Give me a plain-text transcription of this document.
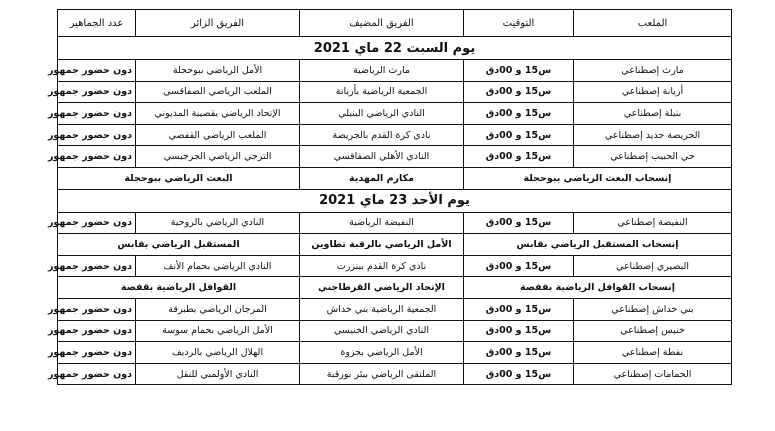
الملعب	التوقيت	الفريق المضيف	الفريق الزائر	عدد الجماهير
يوم السبت 22 ماي 2021				
مارث إصطناعي	س15 و 00دق	مارث الرياضية	الأمل الرياضي ببوحجلة	دون حضور جمهور
أريانة إصطناعي	س15 و 00دق	الجمعية الرياضية بأريانة	الملعب الرياضي الصفاقسي	دون حضور جمهور
بنبلة إصطناعي	س15 و 00دق	النادي الرياضي البنبلي	الإتحاد الرياضي بقصيبة المديوني	دون حضور جمهور
الجريصة جديد إصطناعي	س15 و 00دق	نادي كرة القدم بالجريصة	الملعب الرياضي القفصي	دون حضور جمهور
حي الحبيب إصطناعي	س15 و 00دق	النادي الأهلي الصفاقسي	الترجي الرياضي الجرجيسي	دون حضور جمهور
إنسحاب البعث الرياضي ببوحجلة		مكارم المهدية	البعث الرياضي ببوحجلة	
يوم الأحد 23 ماي 2021				
النفيضة إصطناعي	س15 و 00دق	النفيضة الرياضية	النادي الرياضي بالروحية	دون حضور جمهور
إنسحاب المستقبل الرياضي بقابس		الأمل الرياضي بالرقبة تطاوين	المستقبل الرياضي بقابس	
البصيري إصطناعي	س15 و 00دق	نادي كرة القدم ببنزرت	النادي الرياضي بحمام الأنف	دون حضور جمهور
إنسحاب القوافل الرياضية بقفصة		الإتحاد الرياضي القرطاجني	القوافل الرياضية بقفصة	
بني خداش إصطناعي	س15 و 00دق	الجمعية الرياضية بني خداش	المرجان الرياضي بطبرقة	دون حضور جمهور
خنيس إصطناعي	س15 و 00دق	النادي الرياضي الخنيسي	الأمل الرياضي بحمام سوسة	دون حضور جمهور
نفطة إصطناعي	س15 و 00دق	الأمل الرياضي بحزوة	الهلال الرياضي بالرديف	دون حضور جمهور
الحمامات إصطناعي	س15 و 00دق	الملتقى الرياضي ببئر بورقبة	النادي الأولمبي للنقل	دون حضور جمهور
